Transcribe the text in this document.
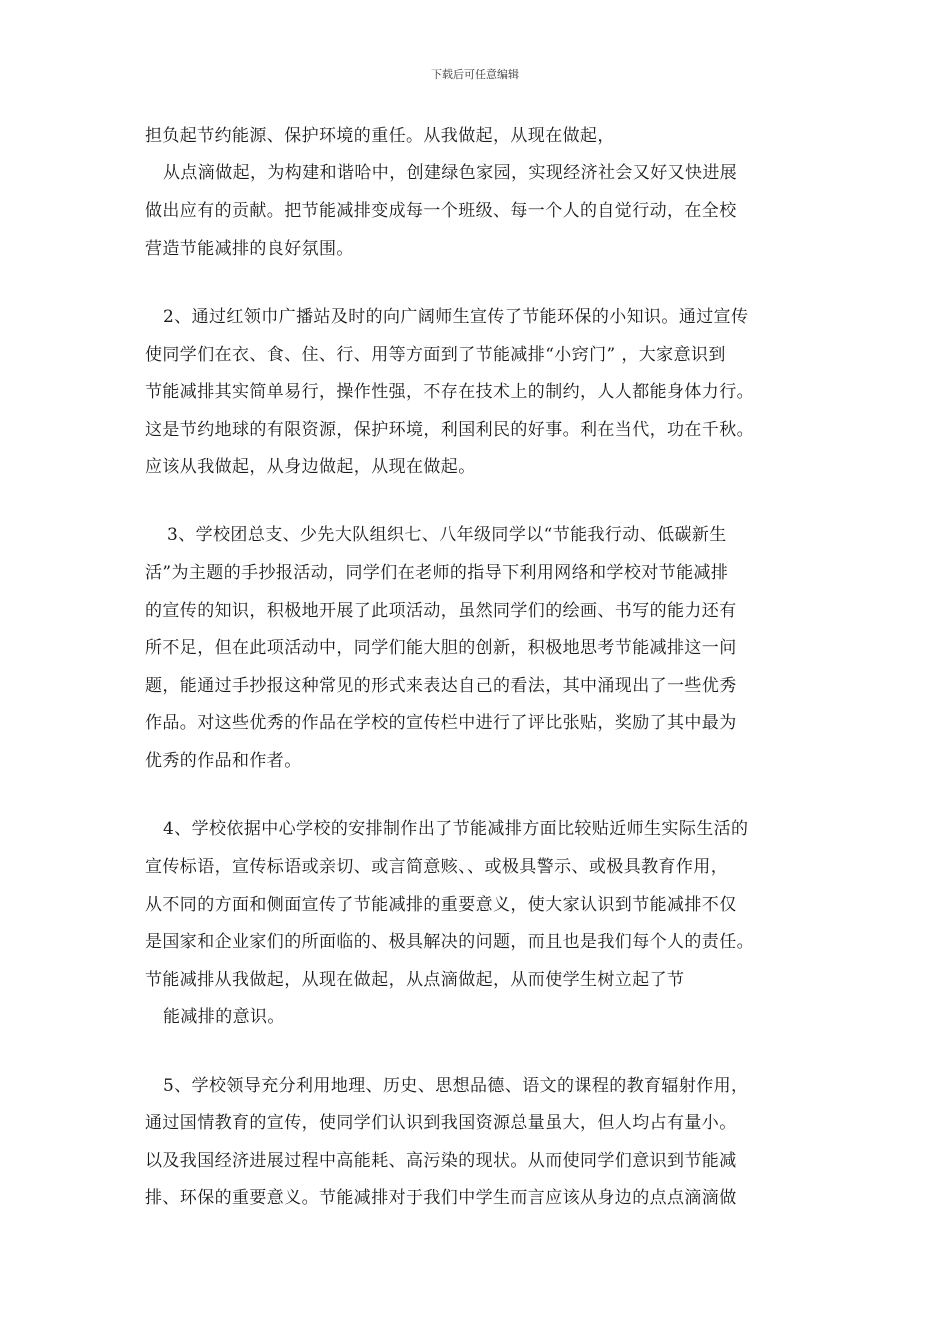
下载后可任意编辑
担负起节约能源、保护环境的重任。从我做起，从现在做起，
从点滴做起，为构建和谐哈中，创建绿色家园，实现经济社会又好又快进展
做出应有的贡献。把节能减排变成每一个班级、每一个人的自觉行动，在全校
营造节能减排的良好氛围。
2、通过红领巾广播站及时的向广阔师生宣传了节能环保的小知识。通过宣传
使同学们在衣、食、住、行、用等方面到了节能减排“小窍门” ，大家意识到
节能减排其实简单易行，操作性强，不存在技术上的制约，人人都能身体力行。
这是节约地球的有限资源，保护环境，利国利民的好事。利在当代，功在千秋。
应该从我做起，从身边做起，从现在做起。
3、学校团总支、少先大队组织七、八年级同学以“节能我行动、低碳新生
活”为主题的手抄报活动，同学们在老师的指导下利用网络和学校对节能减排
的宣传的知识，积极地开展了此项活动，虽然同学们的绘画、书写的能力还有
所不足，但在此项活动中，同学们能大胆的创新，积极地思考节能减排这一问
题，能通过手抄报这种常见的形式来表达自己的看法，其中涌现出了一些优秀
作品。对这些优秀的作品在学校的宣传栏中进行了评比张贴，奖励了其中最为
优秀的作品和作者。
4、学校依据中心学校的安排制作出了节能减排方面比较贴近师生实际生活的
宣传标语，宣传标语或亲切、或言简意赅、、或极具警示、或极具教育作用，
从不同的方面和侧面宣传了节能减排的重要意义，使大家认识到节能减排不仅
是国家和企业家们的所面临的、极具解决的问题，而且也是我们每个人的责任。
节能减排从我做起，从现在做起，从点滴做起，从而使学生树立起了节
能减排的意识。
5、学校领导充分利用地理、历史、思想品德、语文的课程的教育辐射作用，
通过国情教育的宣传，使同学们认识到我国资源总量虽大，但人均占有量小。
以及我国经济进展过程中高能耗、高污染的现状。从而使同学们意识到节能减
排、环保的重要意义。节能减排对于我们中学生而言应该从身边的点点滴滴做
